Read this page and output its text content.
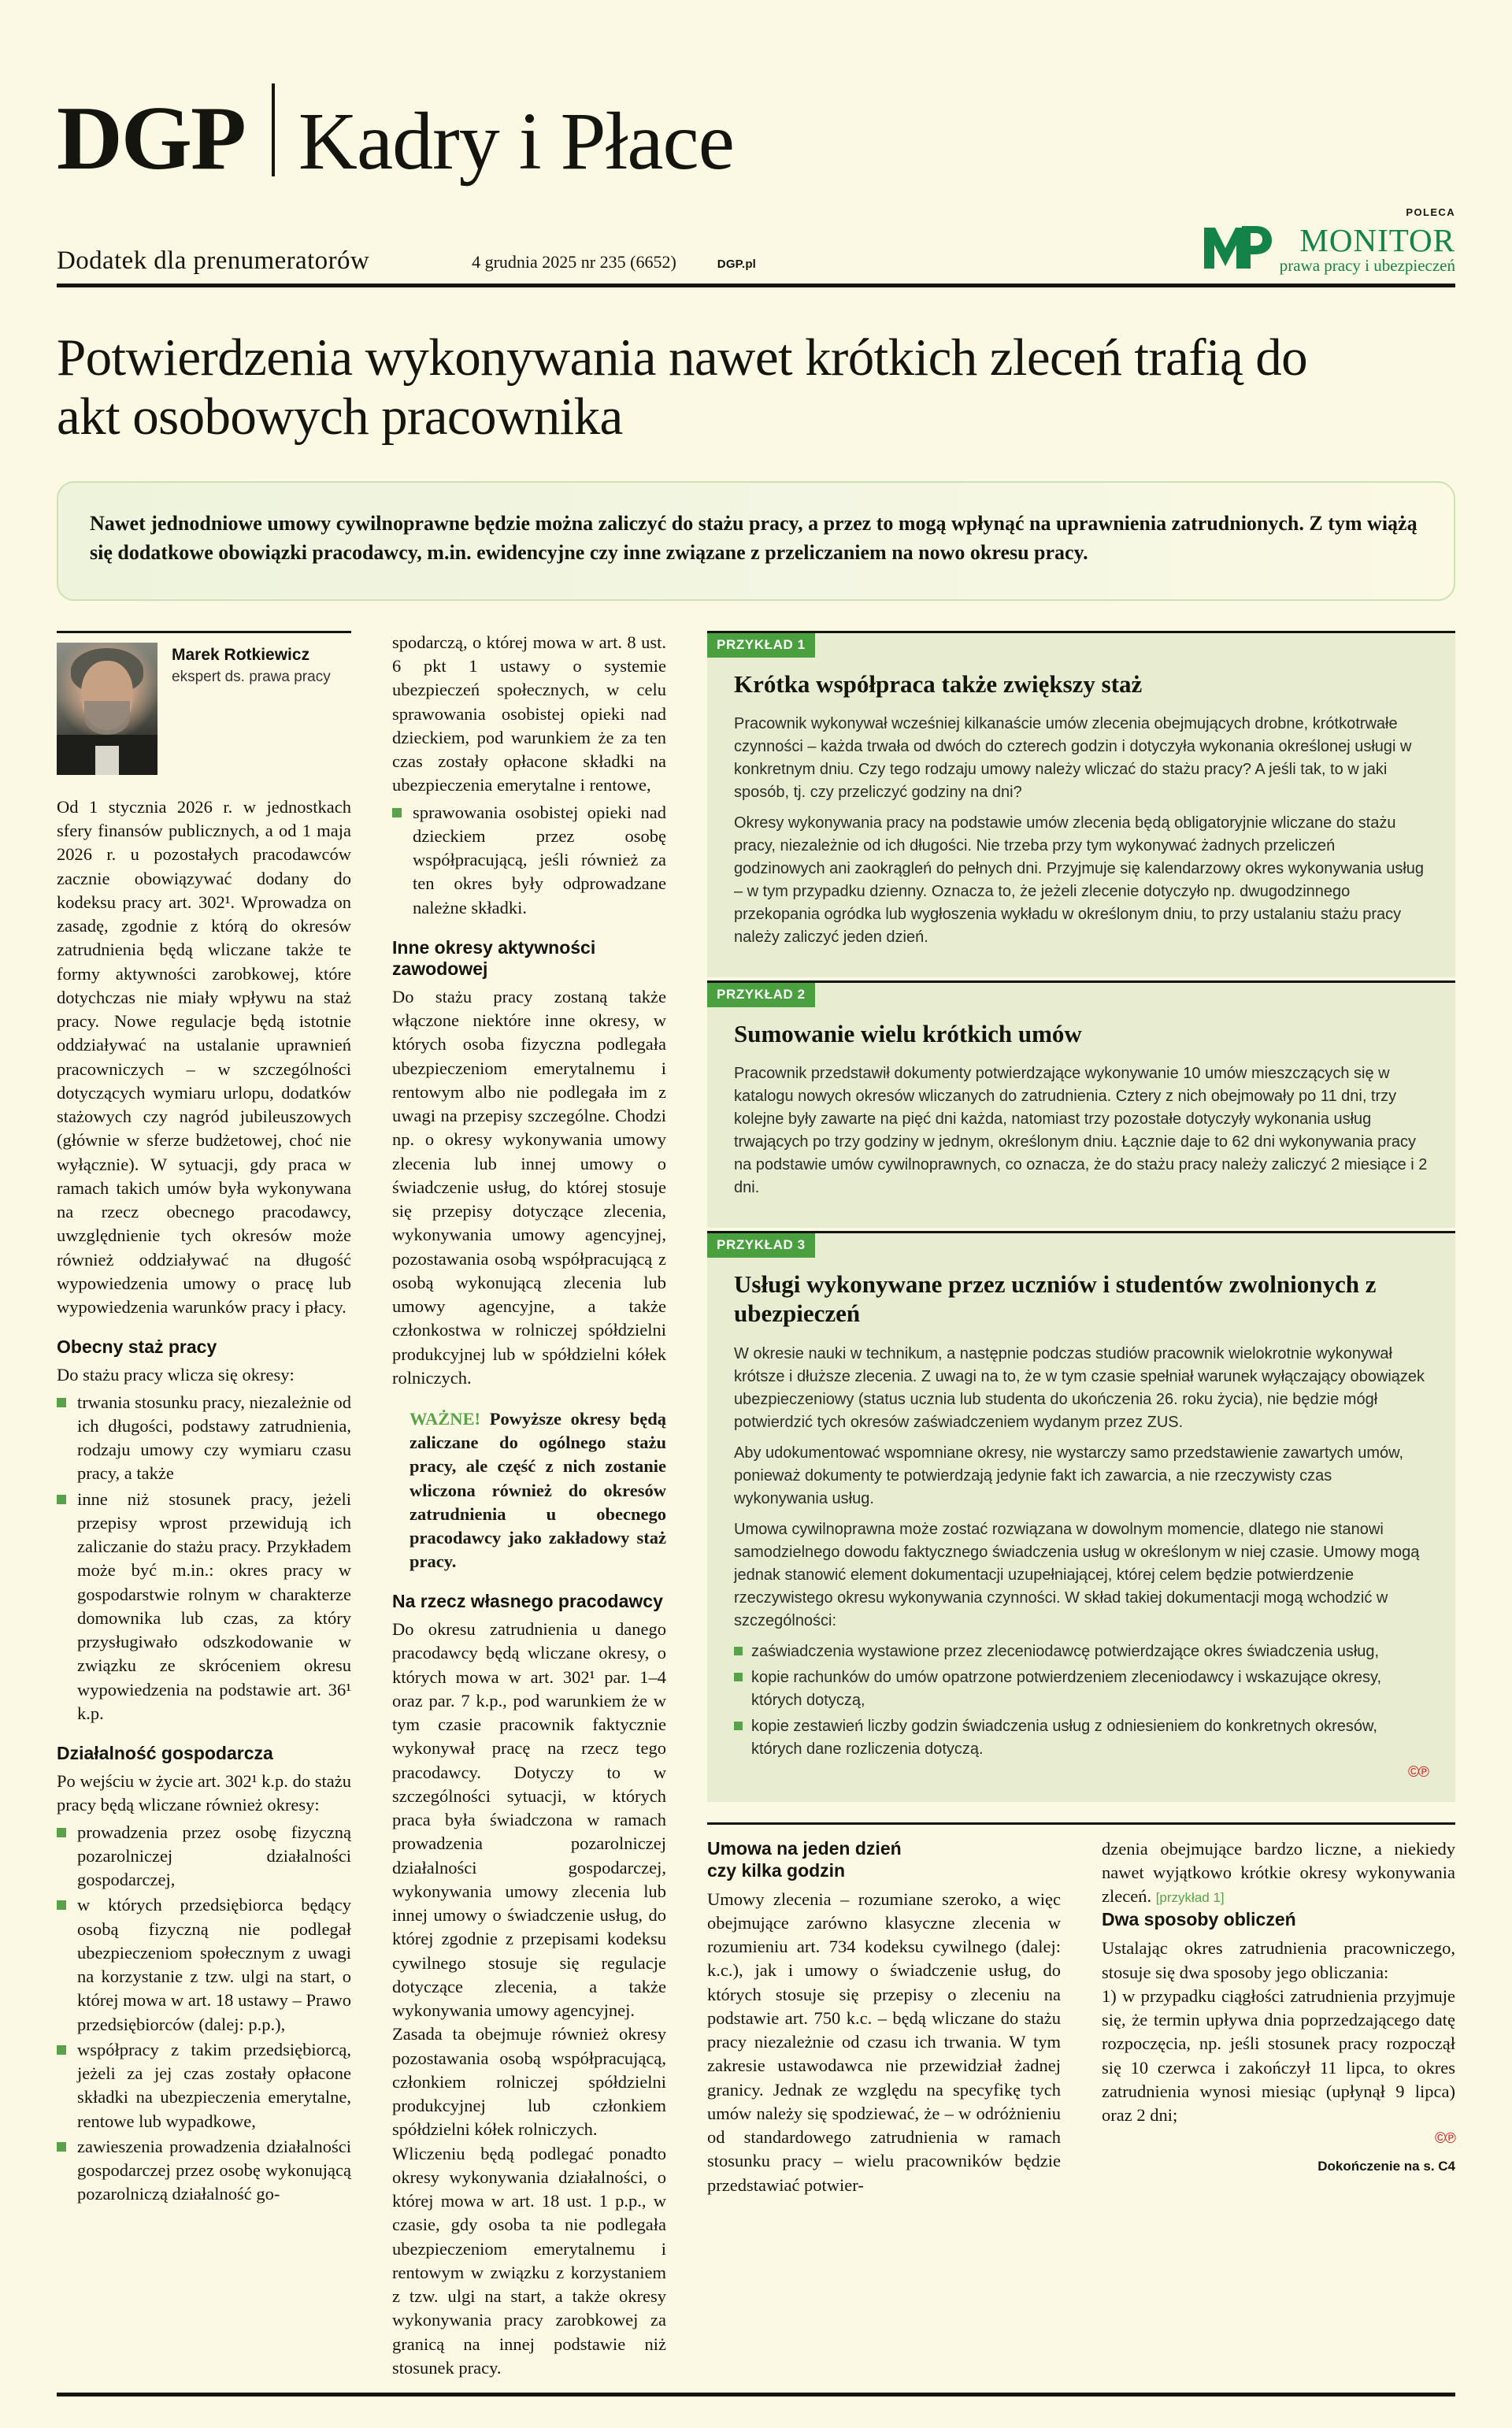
DGP Kadry i Płace
Dodatek dla prenumeratorów	4 grudnia 2025 nr 235 (6652)	DGP.pl
POLECA
MONITOR
prawa pracy i ubezpieczeń
Potwierdzenia wykonywania nawet krótkich zleceń trafią do akt osobowych pracownika

Nawet jednodniowe umowy cywilnoprawne będzie można zaliczyć do stażu pracy, a przez to mogą wpłynąć na uprawnienia zatrudnionych. Z tym wiążą się dodatkowe obowiązki pracodawcy, m.in. ewidencyjne czy inne związane z przeliczaniem na nowo okresu pracy.

Marek Rotkiewicz
ekspert ds. prawa pracy

Od 1 stycznia 2026 r. w jednostkach sfery finansów publicznych, a od 1 maja 2026 r. u pozostałych pracodawców zacznie obowiązywać dodany do kodeksu pracy art. 302¹. Wprowadza on zasadę, zgodnie z którą do okresów zatrudnienia będą wliczane także te formy aktywności zarobkowej, które dotychczas nie miały wpływu na staż pracy. Nowe regulacje będą istotnie oddziaływać na ustalanie uprawnień pracowniczych – w szczególności dotyczących wymiaru urlopu, dodatków stażowych czy nagród jubileuszowych (głównie w sferze budżetowej, choć nie wyłącznie). W sytuacji, gdy praca w ramach takich umów była wykonywana na rzecz obecnego pracodawcy, uwzględnienie tych okresów może również oddziaływać na długość wypowiedzenia umowy o pracę lub wypowiedzenia warunków pracy i płacy.

Obecny staż pracy

Do stażu pracy wlicza się okresy:

trwania stosunku pracy, niezależnie od ich długości, podstawy zatrudnienia, rodzaju umowy czy wymiaru czasu pracy, a także
inne niż stosunek pracy, jeżeli przepisy wprost przewidują ich zaliczanie do stażu pracy. Przykładem może być m.in.: okres pracy w gospodarstwie rolnym w charakterze domownika lub czas, za który przysługiwało odszkodowanie w związku ze skróceniem okresu wypowiedzenia na podstawie art. 36¹ k.p.
Działalność gospodarcza

Po wejściu w życie art. 302¹ k.p. do stażu pracy będą wliczane również okresy:

prowadzenia przez osobę fizyczną pozarolniczej działalności gospodarczej,
w których przedsiębiorca będący osobą fizyczną nie podlegał ubezpieczeniom społecznym z uwagi na korzystanie z tzw. ulgi na start, o której mowa w art. 18 ustawy – Prawo przedsiębiorców (dalej: p.p.),
współpracy z takim przedsiębiorcą, jeżeli za jej czas zostały opłacone składki na ubezpieczenia emerytalne, rentowe lub wypadkowe,
zawieszenia prowadzenia działalności gospodarczej przez osobę wykonującą pozarolniczą działalność go-

spodarczą, o której mowa w art. 8 ust. 6 pkt 1 ustawy o systemie ubezpieczeń społecznych, w celu sprawowania osobistej opieki nad dzieckiem, pod warunkiem że za ten czas zostały opłacone składki na ubezpieczenia emerytalne i rentowe,

sprawowania osobistej opieki nad dzieckiem przez osobę współpracującą, jeśli również za ten okres były odprowadzane należne składki.
Inne okresy aktywności zawodowej

Do stażu pracy zostaną także włączone niektóre inne okresy, w których osoba fizyczna podlegała ubezpieczeniom emerytalnemu i rentowym albo nie podlegała im z uwagi na przepisy szczególne. Chodzi np. o okresy wykonywania umowy zlecenia lub innej umowy o świadczenie usług, do której stosuje się przepisy dotyczące zlecenia, wykonywania umowy agencyjnej, pozostawania osobą współpracującą z osobą wykonującą zlecenia lub umowy agencyjne, a także członkostwa w rolniczej spółdzielni produkcyjnej lub w spółdzielni kółek rolniczych.

WAŻNE! Powyższe okresy będą zaliczane do ogólnego stażu pracy, ale część z nich zostanie wliczona również do okresów zatrudnienia u obecnego pracodawcy jako zakładowy staż pracy.
Na rzecz własnego pracodawcy

Do okresu zatrudnienia u danego pracodawcy będą wliczane okresy, o których mowa w art. 302¹ par. 1–4 oraz par. 7 k.p., pod warunkiem że w tym czasie pracownik faktycznie wykonywał pracę na rzecz tego pracodawcy. Dotyczy to w szczególności sytuacji, w których praca była świadczona w ramach prowadzenia pozarolniczej działalności gospodarczej, wykonywania umowy zlecenia lub innej umowy o świadczenie usług, do której zgodnie z przepisami kodeksu cywilnego stosuje się regulacje dotyczące zlecenia, a także wykonywania umowy agencyjnej.

Zasada ta obejmuje również okresy pozostawania osobą współpracującą, członkiem rolniczej spółdzielni produkcyjnej lub członkiem spółdzielni kółek rolniczych.

Wliczeniu będą podlegać ponadto okresy wykonywania działalności, o której mowa w art. 18 ust. 1 p.p., w czasie, gdy osoba ta nie podlegała ubezpieczeniom emerytalnemu i rentowym w związku z korzystaniem z tzw. ulgi na start, a także okresy wykonywania pracy zarobkowej za granicą na innej podstawie niż stosunek pracy.

PRZYKŁAD 1
Krótka współpraca także zwiększy staż

Pracownik wykonywał wcześniej kilkanaście umów zlecenia obejmujących drobne, krótkotrwałe czynności – każda trwała od dwóch do czterech godzin i dotyczyła wykonania określonej usługi w konkretnym dniu. Czy tego rodzaju umowy należy wliczać do stażu pracy? A jeśli tak, to w jaki sposób, tj. czy przeliczyć godziny na dni?

Okresy wykonywania pracy na podstawie umów zlecenia będą obligatoryjnie wliczane do stażu pracy, niezależnie od ich długości. Nie trzeba przy tym wykonywać żadnych przeliczeń godzinowych ani zaokrągleń do pełnych dni. Przyjmuje się kalendarzowy okres wykonywania usług – w tym przypadku dzienny. Oznacza to, że jeżeli zlecenie dotyczyło np. dwugodzinnego przekopania ogródka lub wygłoszenia wykładu w określonym dniu, to przy ustalaniu stażu pracy należy zaliczyć jeden dzień.

PRZYKŁAD 2
Sumowanie wielu krótkich umów

Pracownik przedstawił dokumenty potwierdzające wykonywanie 10 umów mieszczących się w katalogu nowych okresów wliczanych do zatrudnienia. Cztery z nich obejmowały po 11 dni, trzy kolejne były zawarte na pięć dni każda, natomiast trzy pozostałe dotyczyły wykonania usług trwających po trzy godziny w jednym, określonym dniu. Łącznie daje to 62 dni wykonywania pracy na podstawie umów cywilnoprawnych, co oznacza, że do stażu pracy należy zaliczyć 2 miesiące i 2 dni.

PRZYKŁAD 3
Usługi wykonywane przez uczniów i studentów zwolnionych z ubezpieczeń

W okresie nauki w technikum, a następnie podczas studiów pracownik wielokrotnie wykonywał krótsze i dłuższe zlecenia. Z uwagi na to, że w tym czasie spełniał warunek wyłączający obowiązek ubezpieczeniowy (status ucznia lub studenta do ukończenia 26. roku życia), nie będzie mógł potwierdzić tych okresów zaświadczeniem wydanym przez ZUS.

Aby udokumentować wspomniane okresy, nie wystarczy samo przedstawienie zawartych umów, ponieważ dokumenty te potwierdzają jedynie fakt ich zawarcia, a nie rzeczywisty czas wykonywania usług.

Umowa cywilnoprawna może zostać rozwiązana w dowolnym momencie, dlatego nie stanowi samodzielnego dowodu faktycznego świadczenia usług w określonym w niej czasie. Umowy mogą jednak stanowić element dokumentacji uzupełniającej, której celem będzie potwierdzenie rzeczywistego okresu wykonywania czynności. W skład takiej dokumentacji mogą wchodzić w szczególności:

zaświadczenia wystawione przez zleceniodawcę potwierdzające okres świadczenia usług,
kopie rachunków do umów opatrzone potwierdzeniem zleceniodawcy i wskazujące okresy, których dotyczą,
kopie zestawień liczby godzin świadczenia usług z odniesieniem do konkretnych okresów, których dane rozliczenia dotyczą.
©℗
Umowa na jeden dzień
czy kilka godzin

Umowy zlecenia – rozumiane szeroko, a więc obejmujące zarówno klasyczne zlecenia w rozumieniu art. 734 kodeksu cywilnego (dalej: k.c.), jak i umowy o świadczenie usług, do których stosuje się przepisy o zleceniu na podstawie art. 750 k.c. – będą wliczane do stażu pracy niezależnie od czasu ich trwania. W tym zakresie ustawodawca nie przewidział żadnej granicy. Jednak ze względu na specyfikę tych umów należy się spodziewać, że – w odróżnieniu od standardowego zatrudnienia w ramach stosunku pracy – wielu pracowników będzie przedstawiać potwier-

dzenia obejmujące bardzo liczne, a niekiedy nawet wyjątkowo krótkie okresy wykonywania zleceń. [przykład 1]

Dwa sposoby obliczeń

Ustalając okres zatrudnienia pracowniczego, stosuje się dwa sposoby jego obliczania:

1) w przypadku ciągłości zatrudnienia przyjmuje się, że termin upływa dnia poprzedzającego datę rozpoczęcia, np. jeśli stosunek pracy rozpoczął się 10 czerwca i zakończył 11 lipca, to okres zatrudnienia wynosi miesiąc (upłynął 9 lipca) oraz 2 dni;

©℗
Dokończenie na s. C4
